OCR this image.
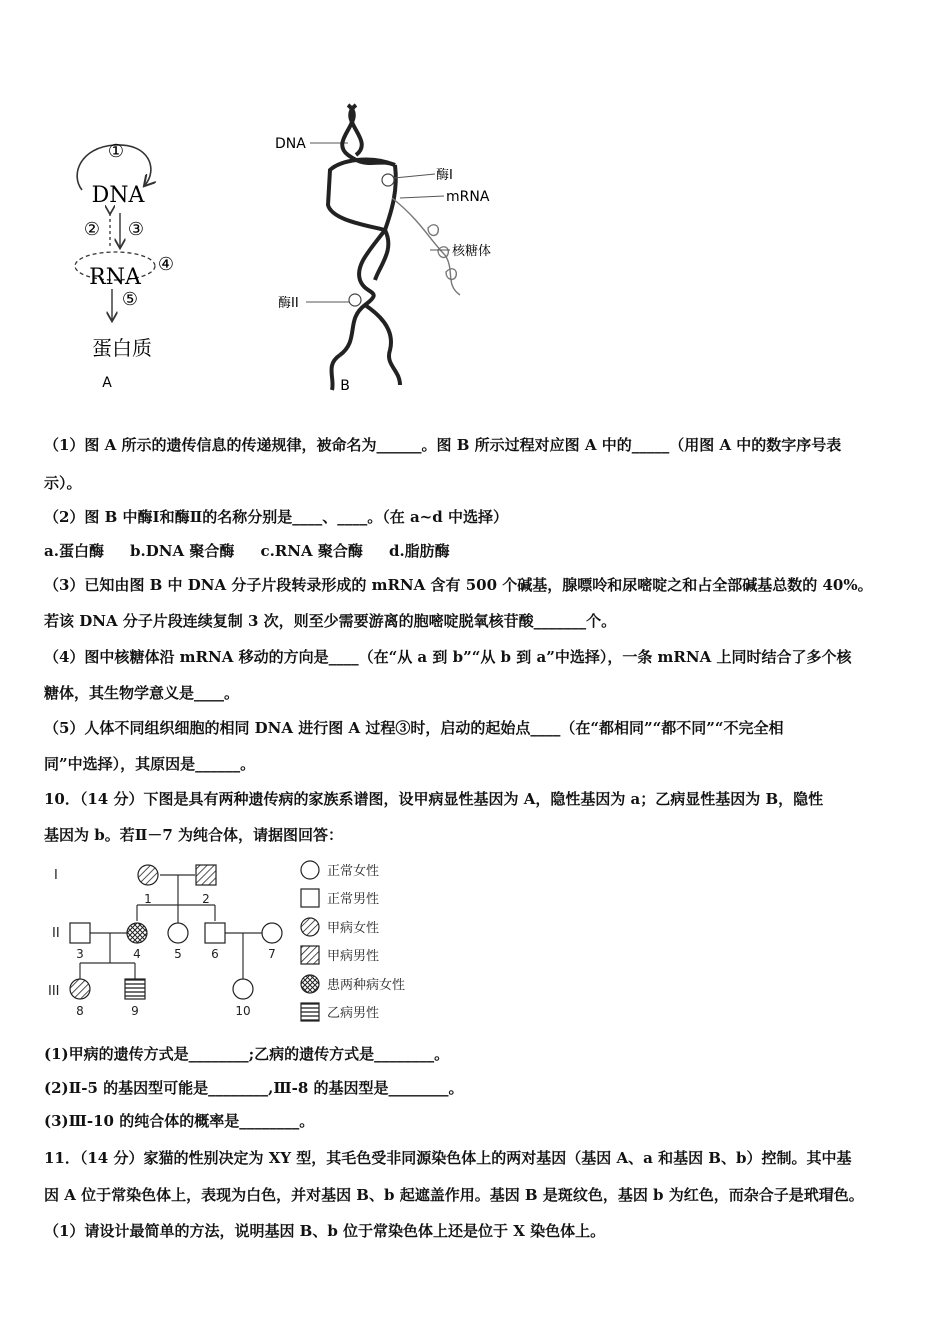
①
DNA
② ③
RNA
④
⑤
蛋白质
A
DNA
酶I
mRNA
核糖体
酶II
B
（1）图 A 所示的遗传信息的传递规律，被命名为______。图 B 所示过程对应图 A 中的_____（用图 A 中的数字序号表
示）。
（2）图 B 中酶Ⅰ和酶Ⅱ的名称分别是____、____。（在 a~d 中选择）
a.蛋白酶     b.DNA 聚合酶     c.RNA 聚合酶     d.脂肪酶
（3）已知由图 B 中 DNA 分子片段转录形成的 mRNA 含有 500 个碱基，腺嘌呤和尿嘧啶之和占全部碱基总数的 40%。
若该 DNA 分子片段连续复制 3 次，则至少需要游离的胞嘧啶脱氧核苷酸_______个。
（4）图中核糖体沿 mRNA 移动的方向是____（在“从 a 到 b”“从 b 到 a”中选择），一条 mRNA 上同时结合了多个核
糖体，其生物学意义是____。
（5）人体不同组织细胞的相同 DNA 进行图 A 过程③时，启动的起始点____（在“都相同”“都不同”“不完全相
同”中选择），其原因是______。
10．（14 分）下图是具有两种遗传病的家族系谱图，设甲病显性基因为 A，隐性基因为 a；乙病显性基因为 B，隐性
基因为 b。若Ⅱ－7 为纯合体，请据图回答：
I
II
III
1	2
3	4	5 6	7
8	9	10
正常女性
正常男性
甲病女性
甲病男性
患两种病女性
乙病男性
(1)甲病的遗传方式是________;乙病的遗传方式是________。
(2)Ⅱ-5 的基因型可能是________,Ⅲ-8 的基因型是________。
(3)Ⅲ-10 的纯合体的概率是________。
11．（14 分）家猫的性别决定为 XY 型，其毛色受非同源染色体上的两对基因（基因 A、a 和基因 B、b）控制。其中基
因 A 位于常染色体上，表现为白色，并对基因 B、b 起遮盖作用。基因 B 是斑纹色，基因 b 为红色，而杂合子是玳瑁色。
（1）请设计最简单的方法，说明基因 B、b 位于常染色体上还是位于 X 染色体上。
